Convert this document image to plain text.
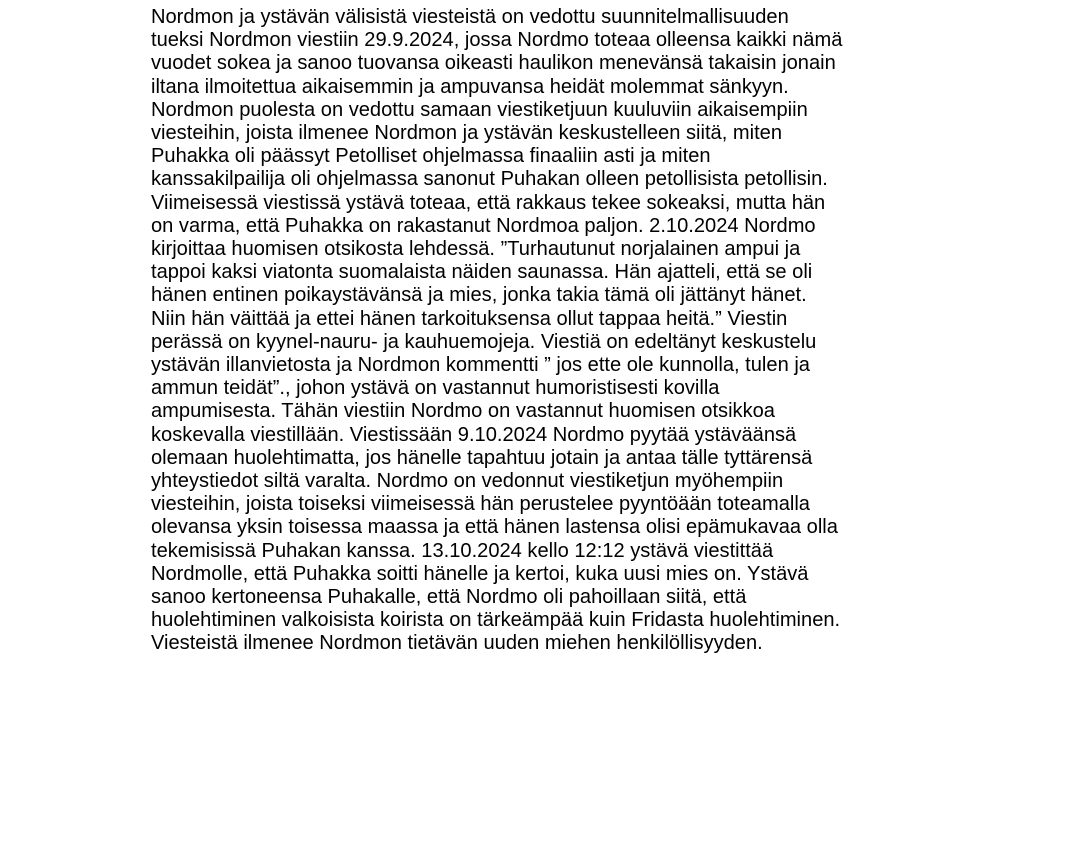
Nordmon ja ystävän välisistä viesteistä on vedottu suunnitelmallisuuden
tueksi Nordmon viestiin 29.9.2024, jossa Nordmo toteaa olleensa kaikki nämä
vuodet sokea ja sanoo tuovansa oikeasti haulikon menevänsä takaisin jonain
iltana ilmoitettua aikaisemmin ja ampuvansa heidät molemmat sänkyyn.
Nordmon puolesta on vedottu samaan viestiketjuun kuuluviin aikaisempiin
viesteihin, joista ilmenee Nordmon ja ystävän keskustelleen siitä, miten
Puhakka oli päässyt Petolliset ohjelmassa finaaliin asti ja miten
kanssakilpailija oli ohjelmassa sanonut Puhakan olleen petollisista petollisin.
Viimeisessä viestissä ystävä toteaa, että rakkaus tekee sokeaksi, mutta hän
on varma, että Puhakka on rakastanut Nordmoa paljon. 2.10.2024 Nordmo
kirjoittaa huomisen otsikosta lehdessä. ”Turhautunut norjalainen ampui ja
tappoi kaksi viatonta suomalaista näiden saunassa. Hän ajatteli, että se oli
hänen entinen poikaystävänsä ja mies, jonka takia tämä oli jättänyt hänet.
Niin hän väittää ja ettei hänen tarkoituksensa ollut tappaa heitä.” Viestin
perässä on kyynel-nauru- ja kauhuemojeja. Viestiä on edeltänyt keskustelu
ystävän illanvietosta ja Nordmon kommentti ” jos ette ole kunnolla, tulen ja
ammun teidät”., johon ystävä on vastannut humoristisesti kovilla
ampumisesta. Tähän viestiin Nordmo on vastannut huomisen otsikkoa
koskevalla viestillään. Viestissään 9.10.2024 Nordmo pyytää ystäväänsä
olemaan huolehtimatta, jos hänelle tapahtuu jotain ja antaa tälle tyttärensä
yhteystiedot siltä varalta. Nordmo on vedonnut viestiketjun myöhempiin
viesteihin, joista toiseksi viimeisessä hän perustelee pyyntöään toteamalla
olevansa yksin toisessa maassa ja että hänen lastensa olisi epämukavaa olla
tekemisissä Puhakan kanssa. 13.10.2024 kello 12:12 ystävä viestittää
Nordmolle, että Puhakka soitti hänelle ja kertoi, kuka uusi mies on. Ystävä
sanoo kertoneensa Puhakalle, että Nordmo oli pahoillaan siitä, että
huolehtiminen valkoisista koirista on tärkeämpää kuin Fridasta huolehtiminen.
Viesteistä ilmenee Nordmon tietävän uuden miehen henkilöllisyyden.
